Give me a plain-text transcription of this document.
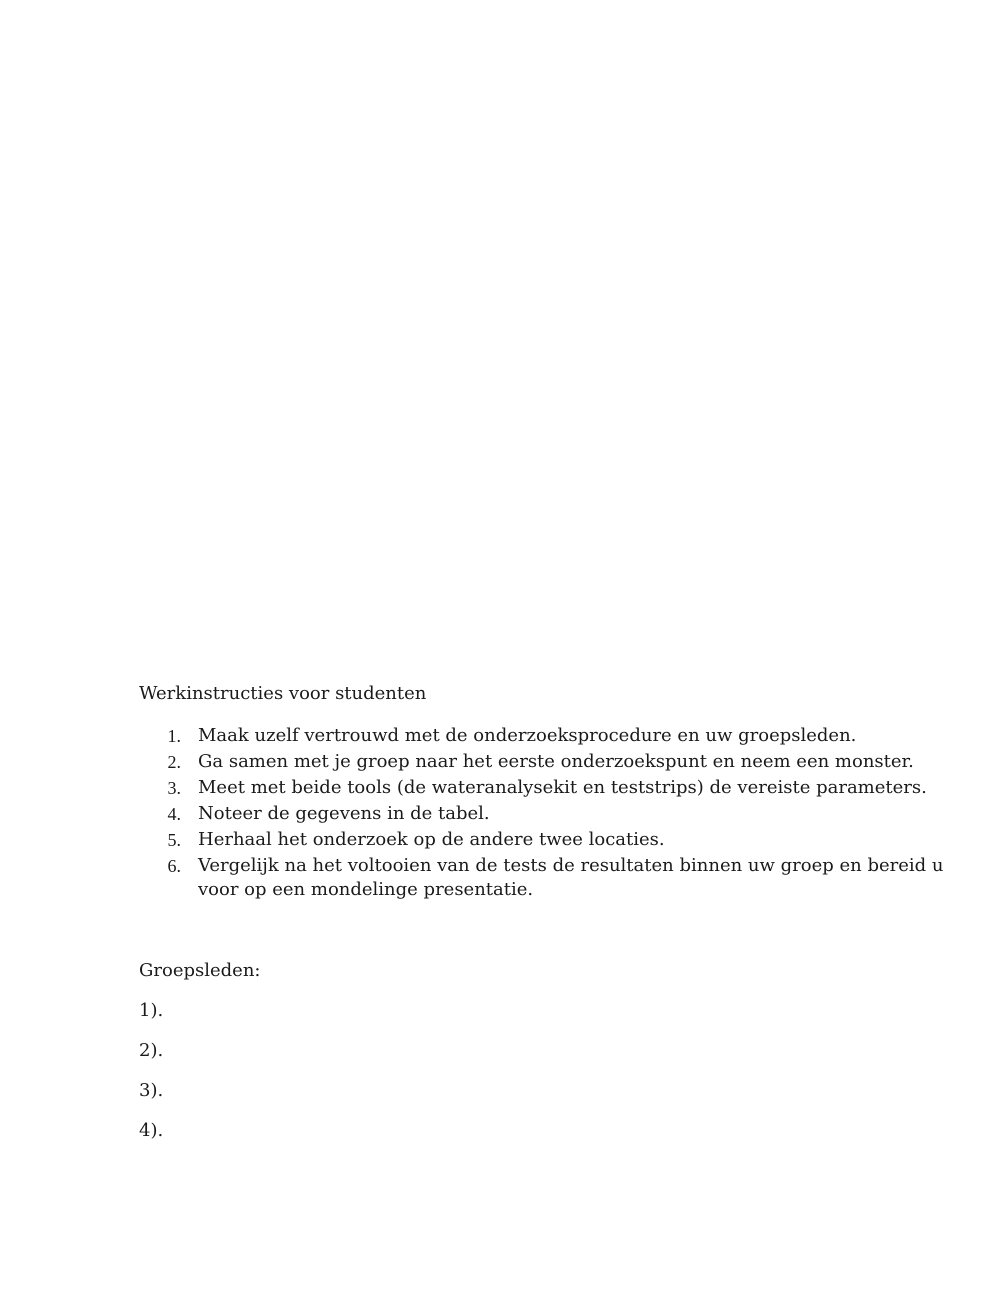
Werkinstructies voor studenten

1. Maak uzelf vertrouwd met de onderzoeksprocedure en uw groepsleden.
2. Ga samen met je groep naar het eerste onderzoekspunt en neem een monster.
3. Meet met beide tools (de wateranalysekit en teststrips) de vereiste parameters.
4. Noteer de gegevens in de tabel.
5. Herhaal het onderzoek op de andere twee locaties.
6. Vergelijk na het voltooien van de tests de resultaten binnen uw groep en bereid u voor op een mondelinge presentatie.

Groepsleden:

1).
2).
3).
4).
